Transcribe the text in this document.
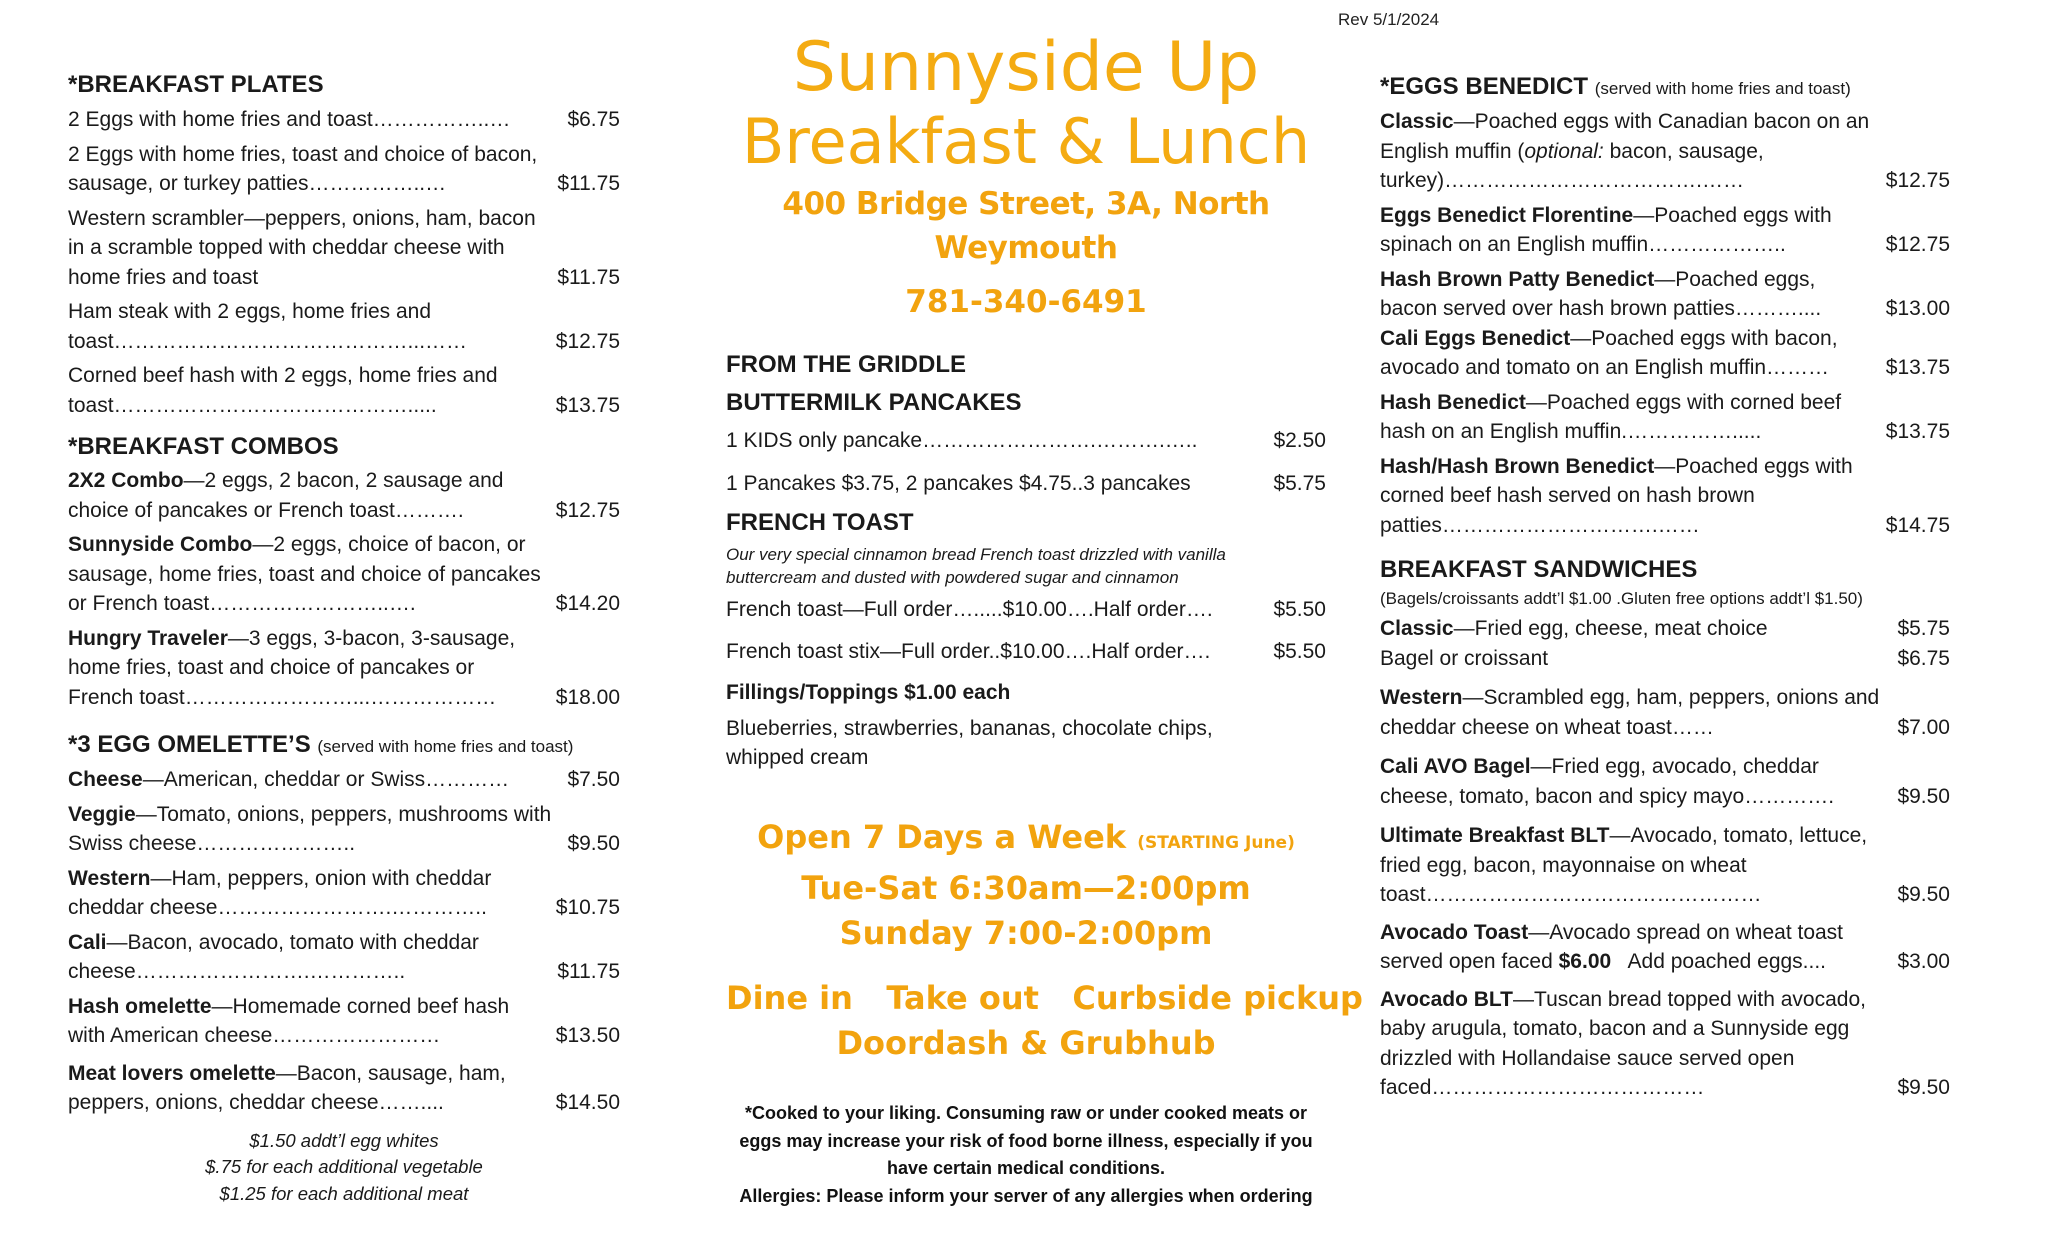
Rev 5/1/2024
*BREAKFAST PLATES
2 Eggs with home fries and toast……………..…	$6.75
2 Eggs with home fries, toast and choice of bacon, sausage, or turkey patties……………..…	$11.75
Western scrambler—peppers, onions, ham, bacon in a scramble topped with cheddar cheese with home fries and toast	$11.75
Ham steak with 2 eggs, home fries and toast……………………………………...……	$12.75
Corned beef hash with 2 eggs, home fries and toast…………………………………….....	$13.75
*BREAKFAST COMBOS
2X2 Combo—2 eggs, 2 bacon, 2 sausage and choice of pancakes or French toast……….	$12.75
Sunnyside Combo—2 eggs, choice of bacon, or sausage, home fries, toast and choice of pancakes or French toast……………………..….	$14.20
Hungry Traveler—3 eggs, 3-bacon, 3-sausage, home fries, toast and choice of pancakes or French toast……………………...………………	$18.00
*3 EGG OMELETTE’S (served with home fries and toast)
Cheese—American, cheddar or Swiss…………	$7.50
Veggie—Tomato, onions, peppers, mushrooms with Swiss cheese…………………..	$9.50
Western—Ham, peppers, onion with cheddar cheddar cheese…………………….…………..	$10.75
Cali—Bacon, avocado, tomato with cheddar cheese…………………….…………..	$11.75
Hash omelette—Homemade corned beef hash with American cheese……………………	$13.50
Meat lovers omelette—Bacon, sausage, ham, peppers, onions, cheddar cheese……....	$14.50
$1.50 addt’l egg whites
$.75 for each additional vegetable
$1.25 for each additional meat
Sunnyside Up
Breakfast & Lunch
400 Bridge Street, 3A, North Weymouth
781-340-6491
FROM THE GRIDDLE
BUTTERMILK PANCAKES
1 KIDS only pancake…………………….……….…..	$2.50
1 Pancakes $3.75, 2 pancakes $4.75..3 pancakes	$5.75
FRENCH TOAST
Our very special cinnamon bread French toast drizzled with vanilla buttercream and dusted with powdered sugar and cinnamon
French toast—Full order….....$10.00….Half order….	$5.50
French toast stix—Full order..$10.00….Half order….	$5.50
Fillings/Toppings $1.00 each
Blueberries, strawberries, bananas, chocolate chips, whipped cream
Open 7 Days a Week (STARTING June)
Tue-Sat 6:30am—2:00pm
Sunday 7:00-2:00pm
Dine in   Take out   Curbside pickup
Doordash & Grubhub
*Cooked to your liking. Consuming raw or under cooked meats or
eggs may increase your risk of food borne illness, especially if you
have certain medical conditions.
Allergies: Please inform your server of any allergies when ordering
*EGGS BENEDICT (served with home fries and toast)
Classic—Poached eggs with Canadian bacon on an English muffin (optional: bacon, sausage, turkey)……………………………….……	$12.75
Eggs Benedict Florentine—Poached eggs with spinach on an English muffin………………..	$12.75
Hash Brown Patty Benedict—Poached eggs, bacon served over hash brown patties………....	$13.00
Cali Eggs Benedict—Poached eggs with bacon, avocado and tomato on an English muffin………	$13.75
Hash Benedict—Poached eggs with corned beef hash on an English muffin.…………….....	$13.75
Hash/Hash Brown Benedict—Poached eggs with corned beef hash served on hash brown patties………………………….……	$14.75
BREAKFAST SANDWICHES
(Bagels/croissants addt’l $1.00 .Gluten free options addt’l $1.50)
Classic—Fried egg, cheese, meat choice	$5.75
Bagel or croissant	$6.75
Western—Scrambled egg, ham, peppers, onions and cheddar cheese on wheat toast……	$7.00
Cali AVO Bagel—Fried egg, avocado, cheddar cheese, tomato, bacon and spicy mayo………….	$9.50
Ultimate Breakfast BLT—Avocado, tomato, lettuce, fried egg, bacon, mayonnaise on wheat toast…………………………………………	$9.50
Avocado Toast—Avocado spread on wheat toast served open faced $6.00   Add poached eggs....	$3.00
Avocado BLT—Tuscan bread topped with avocado, baby arugula, tomato, bacon and a Sunnyside egg drizzled with Hollandaise sauce served open faced…………………………………	$9.50
